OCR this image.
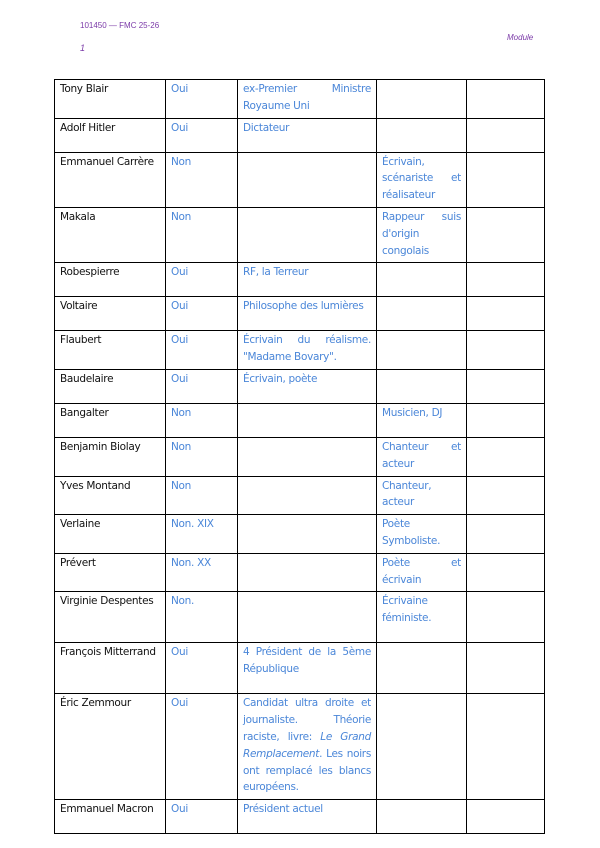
101450 — FMC 25-26
1
Module
Tony Blair	Oui	ex-Premier Ministre Royaume Uni		
Adolf Hitler	Oui	Dictateur		
Emmanuel Carrère	Non		Écrivain, scénariste et réalisateur	
Makala	Non		Rappeur suis d'origin congolais	
Robespierre	Oui	RF, la Terreur		
Voltaire	Oui	Philosophe des lumières		
Flaubert	Oui	Écrivain du réalisme. "Madame Bovary".		
Baudelaire	Oui	Écrivain, poète		
Bangalter	Non		Musicien, DJ	
Benjamin Biolay	Non		Chanteur et acteur	
Yves Montand	Non		Chanteur, acteur	
Verlaine	Non. XIX		Poète Symboliste.	
Prévert	Non. XX		Poète et écrivain	
Virginie Despentes	Non.		Écrivaine féministe.	
François Mitterrand	Oui	4 Président de la 5ème République		
Éric Zemmour	Oui	Candidat ultra droite et journaliste. Théorie raciste, livre: Le Grand Remplacement. Les noirs ont remplacé les blancs européens.		
Emmanuel Macron	Oui	Président actuel		
